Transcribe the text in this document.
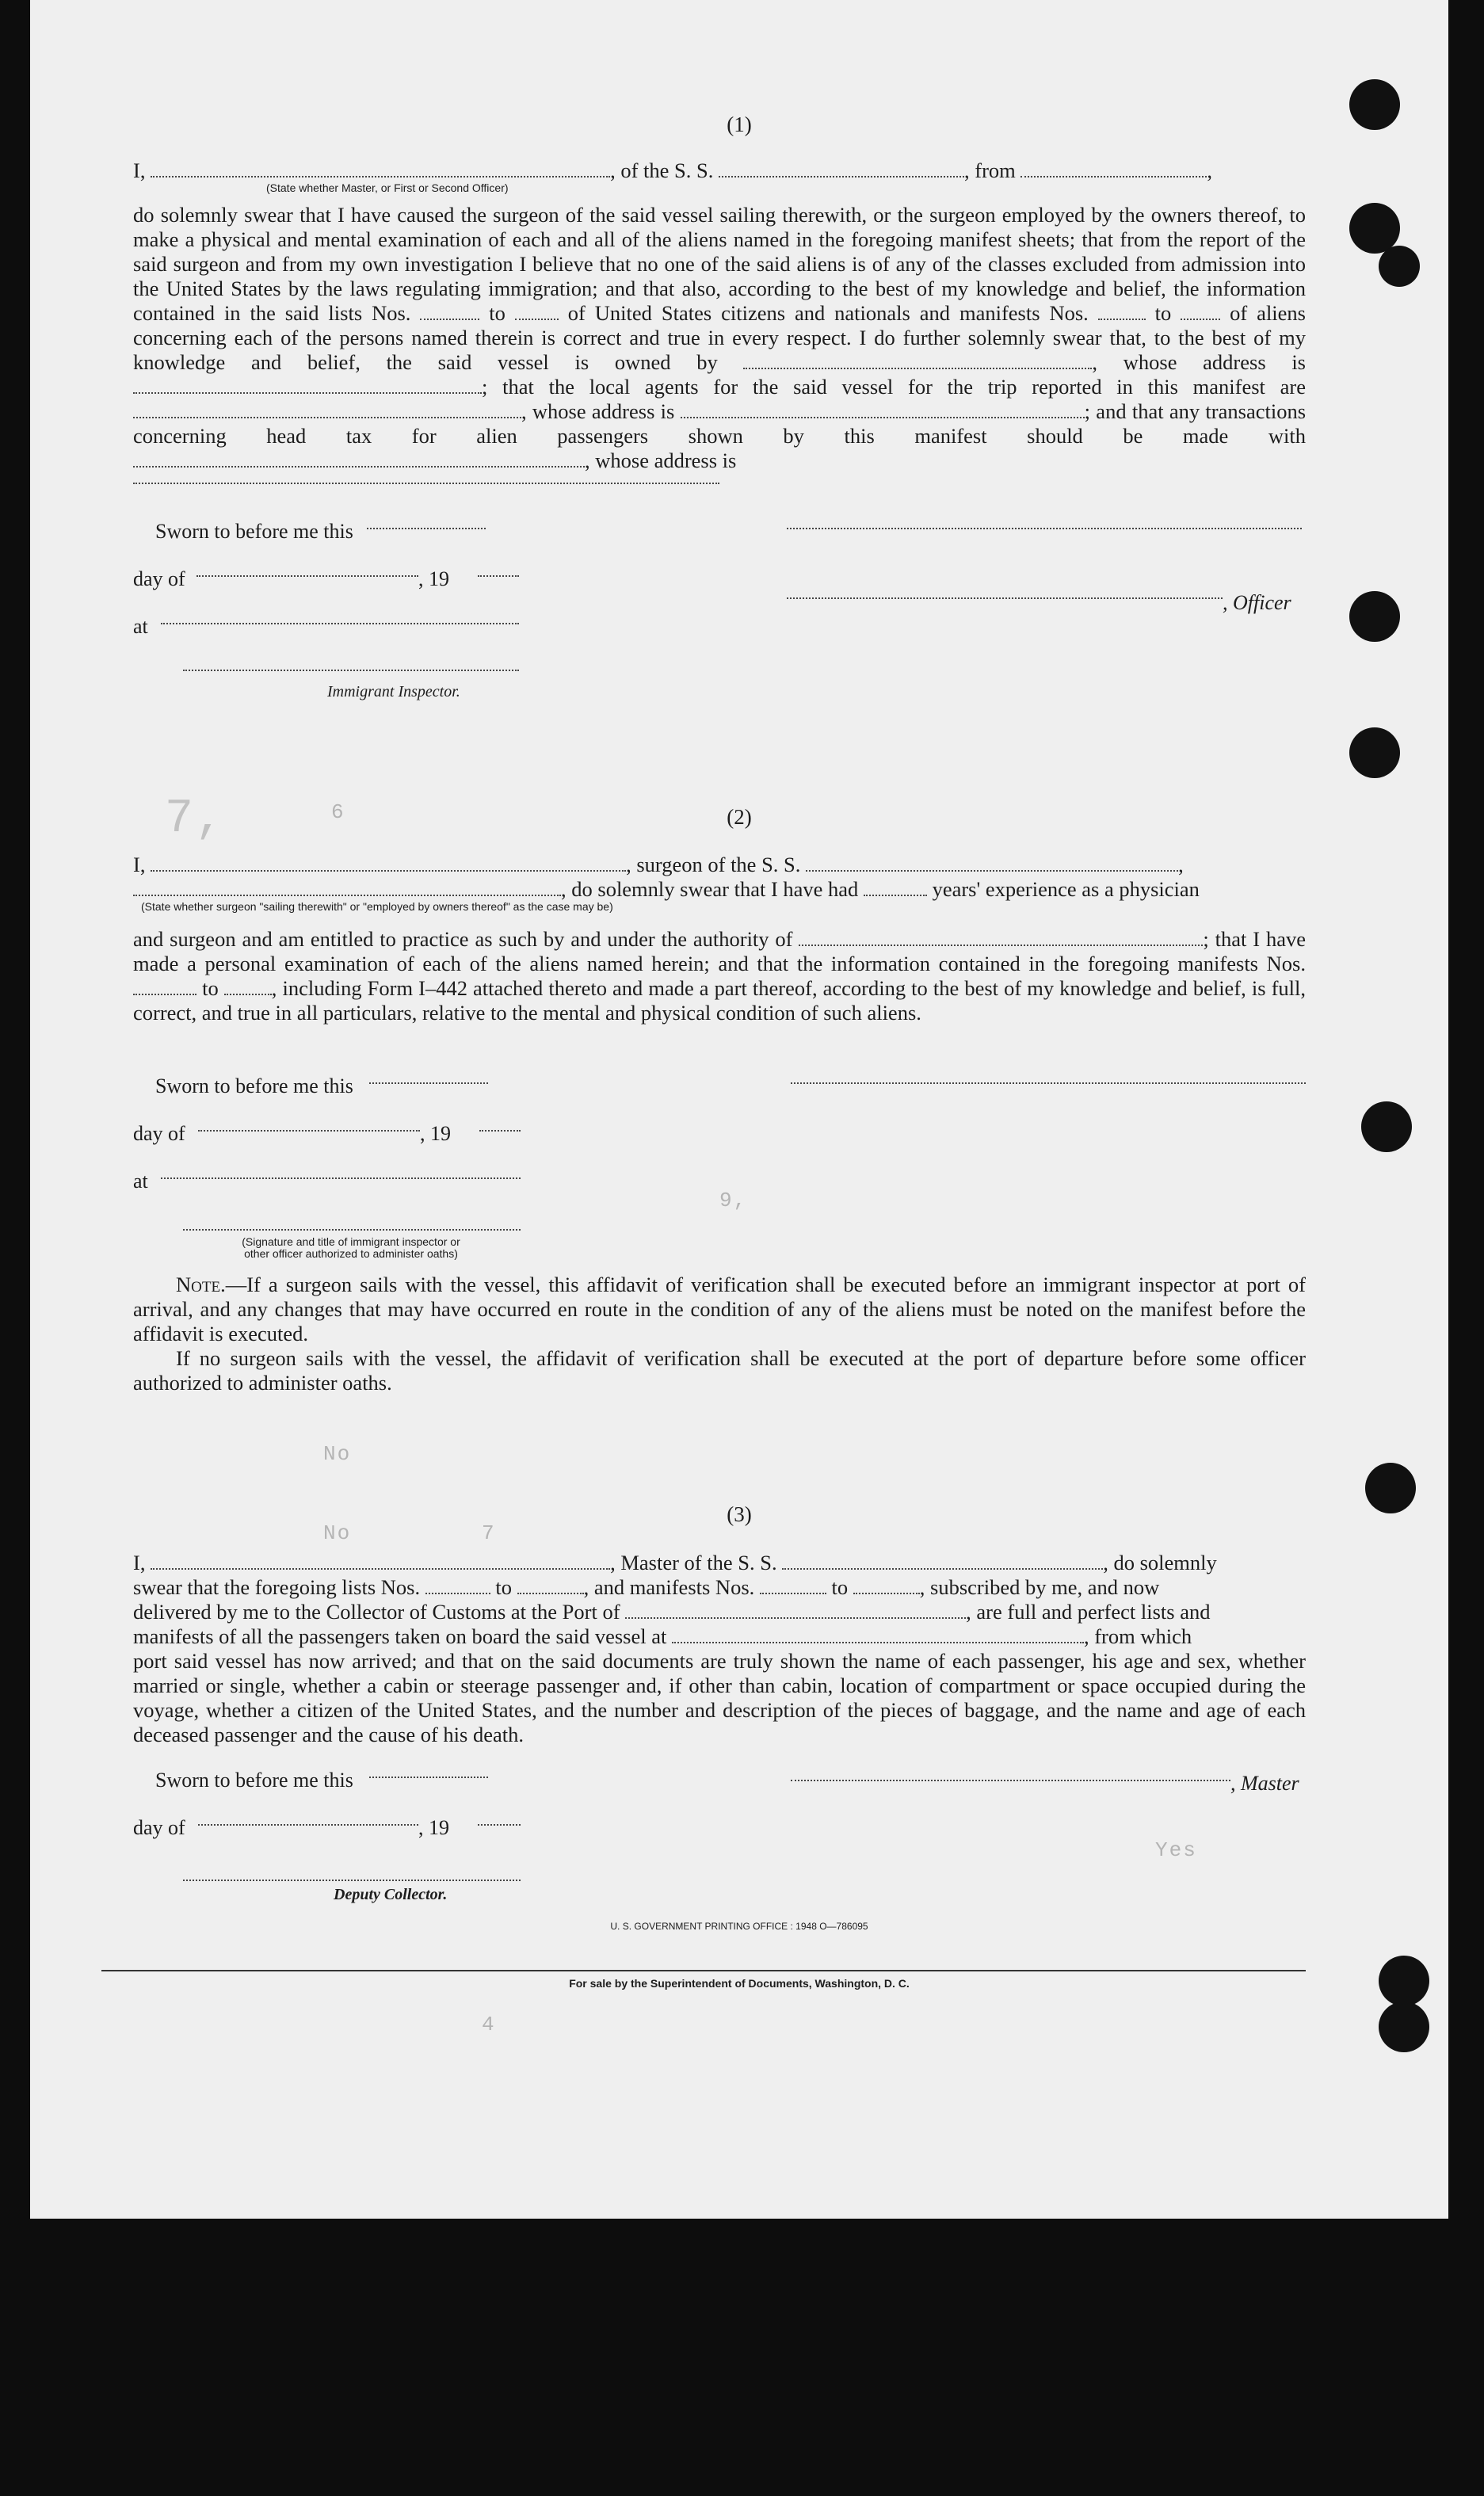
7,
9,
6
No
No	7
4
Yes
(1)
I,	, of the S. S.	, from	,
(State whether Master, or First or Second Officer)

do solemnly swear that I have caused the surgeon of the said vessel sailing therewith, or the surgeon employed by the owners thereof, to make a physical and mental examination of each and all of the aliens named in the foregoing manifest sheets; that from the report of the said surgeon and from my own investigation I believe that no one of the said aliens is of any of the classes excluded from admission into the United States by the laws regulating immigration; and that also, according to the best of my knowledge and belief, the information contained in the said lists Nos.	to	of United States citizens and nationals and manifests Nos.	to	of aliens concerning each of the persons named therein is correct and true in every respect. I do further solemnly swear that, to the best of my knowledge and belief, the said vessel is owned by	, whose address is ; that the local agents for the said vessel for the trip reported in this manifest are , whose address is	; and that any transactions concerning head tax for alien passengers shown by this manifest should be made with , whose address is

Sworn to before me this
day of	, 19
, Officer
at
Immigrant Inspector.
(2)
I,	, surgeon of the S. S.	,
, do solemnly swear that I have had	years' experience as a physician
(State whether surgeon "sailing therewith" or "employed by owners thereof" as the case may be)

and surgeon and am entitled to practice as such by and under the authority of	; that I have made a personal examination of each of the aliens named herein; and that the information contained in the foregoing manifests Nos.  to	, including Form I–442 attached thereto and made a part thereof, according to the best of my knowledge and belief, is full, correct, and true in all particulars, relative to the mental and physical condition of such aliens.

Sworn to before me this
day of	, 19
at
(Signature and title of immigrant inspector or
other officer authorized to administer oaths)

Note.—If a surgeon sails with the vessel, this affidavit of verification shall be executed before an immigrant inspector at port of arrival, and any changes that may have occurred en route in the condition of any of the aliens must be noted on the manifest before the affidavit is executed.

If no surgeon sails with the vessel, the affidavit of verification shall be executed at the port of departure before some officer authorized to administer oaths.

(3)
I,	, Master of the S. S.	, do solemnly
swear that the foregoing lists Nos.	to	, and manifests Nos.	to	, subscribed by me, and now
delivered by me to the Collector of Customs at the Port of	, are full and perfect lists and
manifests of all the passengers taken on board the said vessel at	, from which

port said vessel has now arrived; and that on the said documents are truly shown the name of each passenger, his age and sex, whether married or single, whether a cabin or steerage passenger and, if other than cabin, location of compartment or space occupied during the voyage, whether a citizen of the United States, and the number and description of the pieces of baggage, and the name and age of each deceased passenger and the cause of his death.

Sworn to before me this	, Master
day of	, 19
Deputy Collector.
U. S. GOVERNMENT PRINTING OFFICE : 1948 O—786095
For sale by the Superintendent of Documents, Washington, D. C.
